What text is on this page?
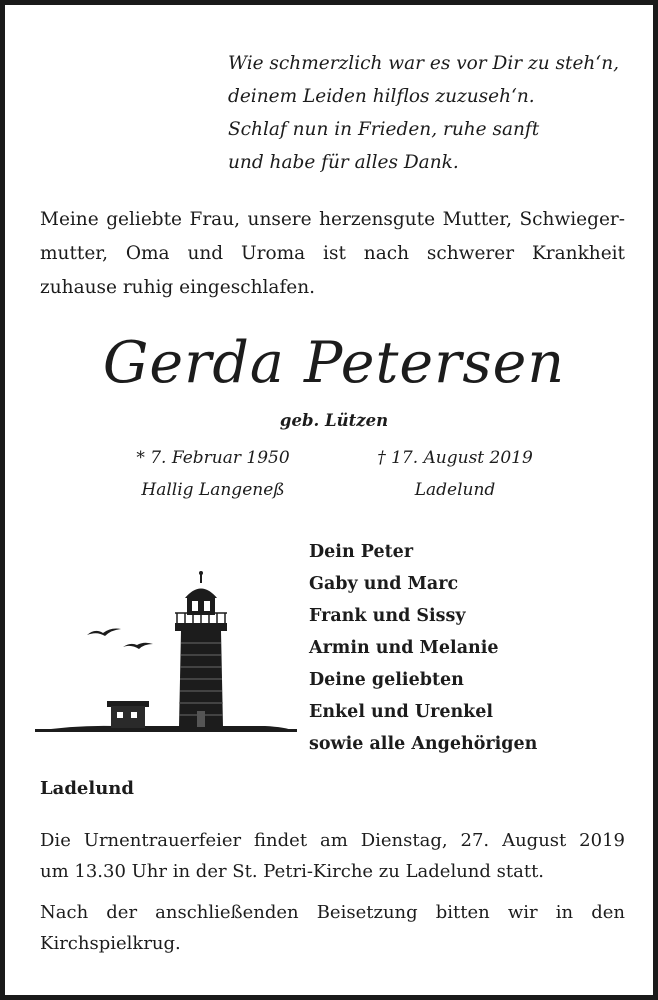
Wie schmerzlich war es vor Dir zu steh‘n,
deinem Leiden hilflos zuzuseh‘n.
Schlaf nun in Frieden, ruhe sanft
und habe für alles Dank.
Meine geliebte Frau, unsere herzensgute Mutter, Schwieger-
mutter, Oma und Uroma ist nach schwerer Krankheit
zuhause ruhig eingeschlafen.
Gerda Petersen
geb. Lützen
* 7. Februar 1950
Hallig Langeneß
† 17. August 2019
Ladelund
Dein Peter
Gaby und Marc
Frank und Sissy
Armin und Melanie
Deine geliebten
Enkel und Urenkel
sowie alle Angehörigen
Ladelund
Die Urnentrauerfeier findet am Dienstag, 27. August 2019
um 13.30 Uhr in der St. Petri-Kirche zu Ladelund statt.
Nach der anschließenden Beisetzung bitten wir in den
Kirchspielkrug.
